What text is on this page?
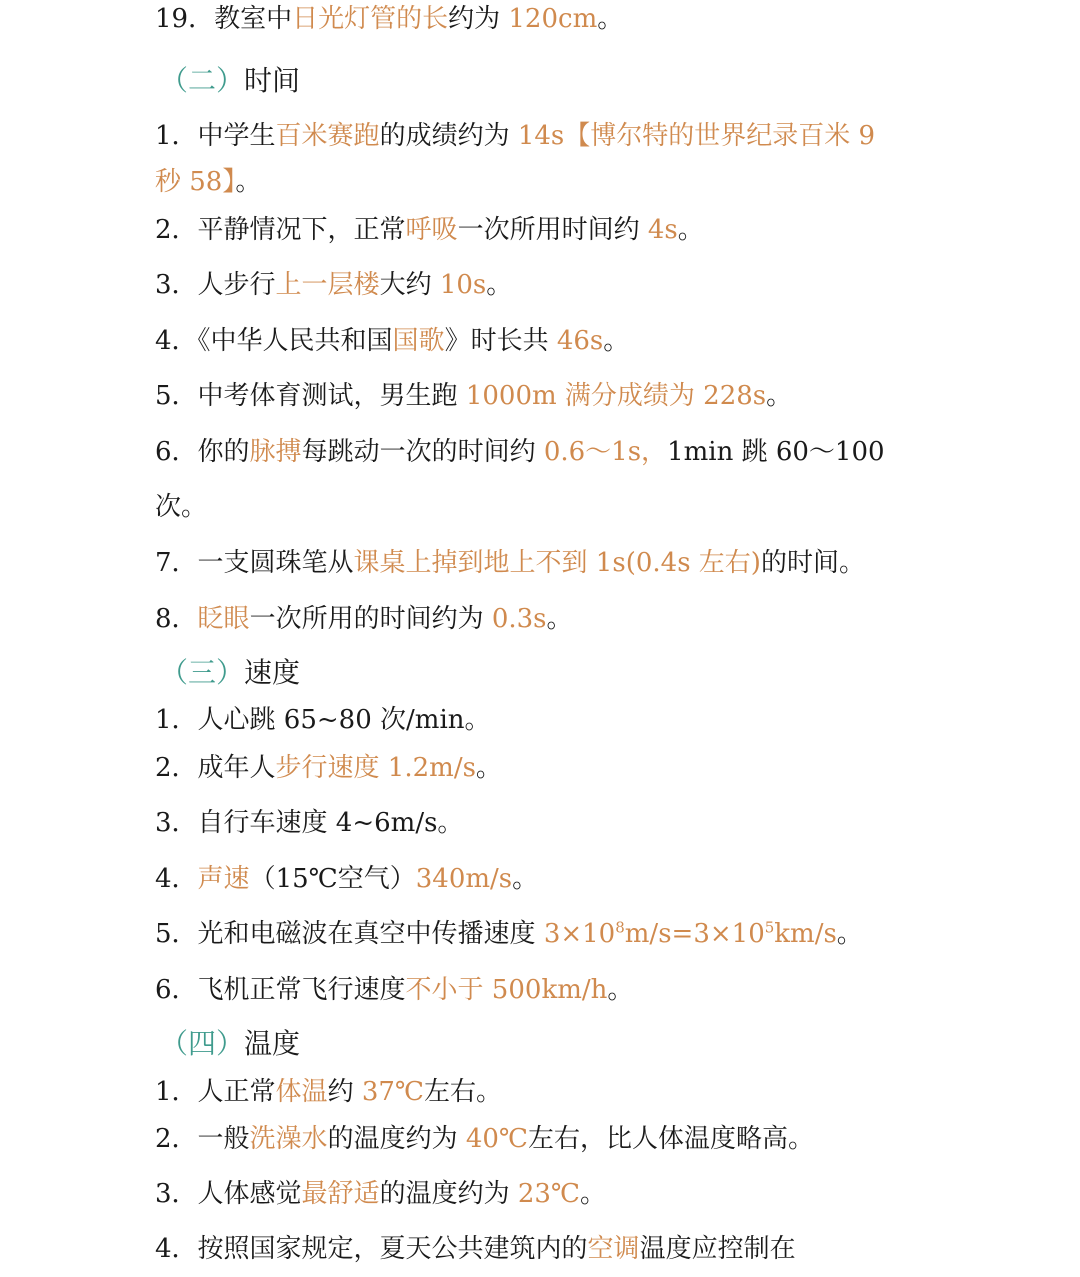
19．教室中日光灯管的长约为 120cm。
（二）时间
1．中学生百米赛跑的成绩约为 14s【博尔特的世界纪录百米 9
秒 58】。
2．平静情况下，正常呼吸一次所用时间约 4s。
3．人步行上一层楼大约 10s。
4．《中华人民共和国国歌》时长共 46s。
5．中考体育测试，男生跑 1000m 满分成绩为 228s。
6．你的脉搏每跳动一次的时间约 0.6～1s，1min 跳 60～100
次。
7．一支圆珠笔从课桌上掉到地上不到 1s(0.4s 左右)的时间。
8．眨眼一次所用的时间约为 0.3s。
（三）速度
1．人心跳 65~80 次/min。
2．成年人步行速度 1.2m/s。
3．自行车速度 4~6m/s。
4．声速（15℃空气）340m/s。
5．光和电磁波在真空中传播速度 $3\times 10^8m/s=3\times 10^5km/s$。
6．飞机正常飞行速度不小于 500km/h。
（四）温度
1．人正常体温约 37℃左右。
2．一般洗澡水的温度约为 40℃左右，比人体温度略高。
3．人体感觉最舒适的温度约为 23℃。
4．按照国家规定，夏天公共建筑内的空调温度应控制在
